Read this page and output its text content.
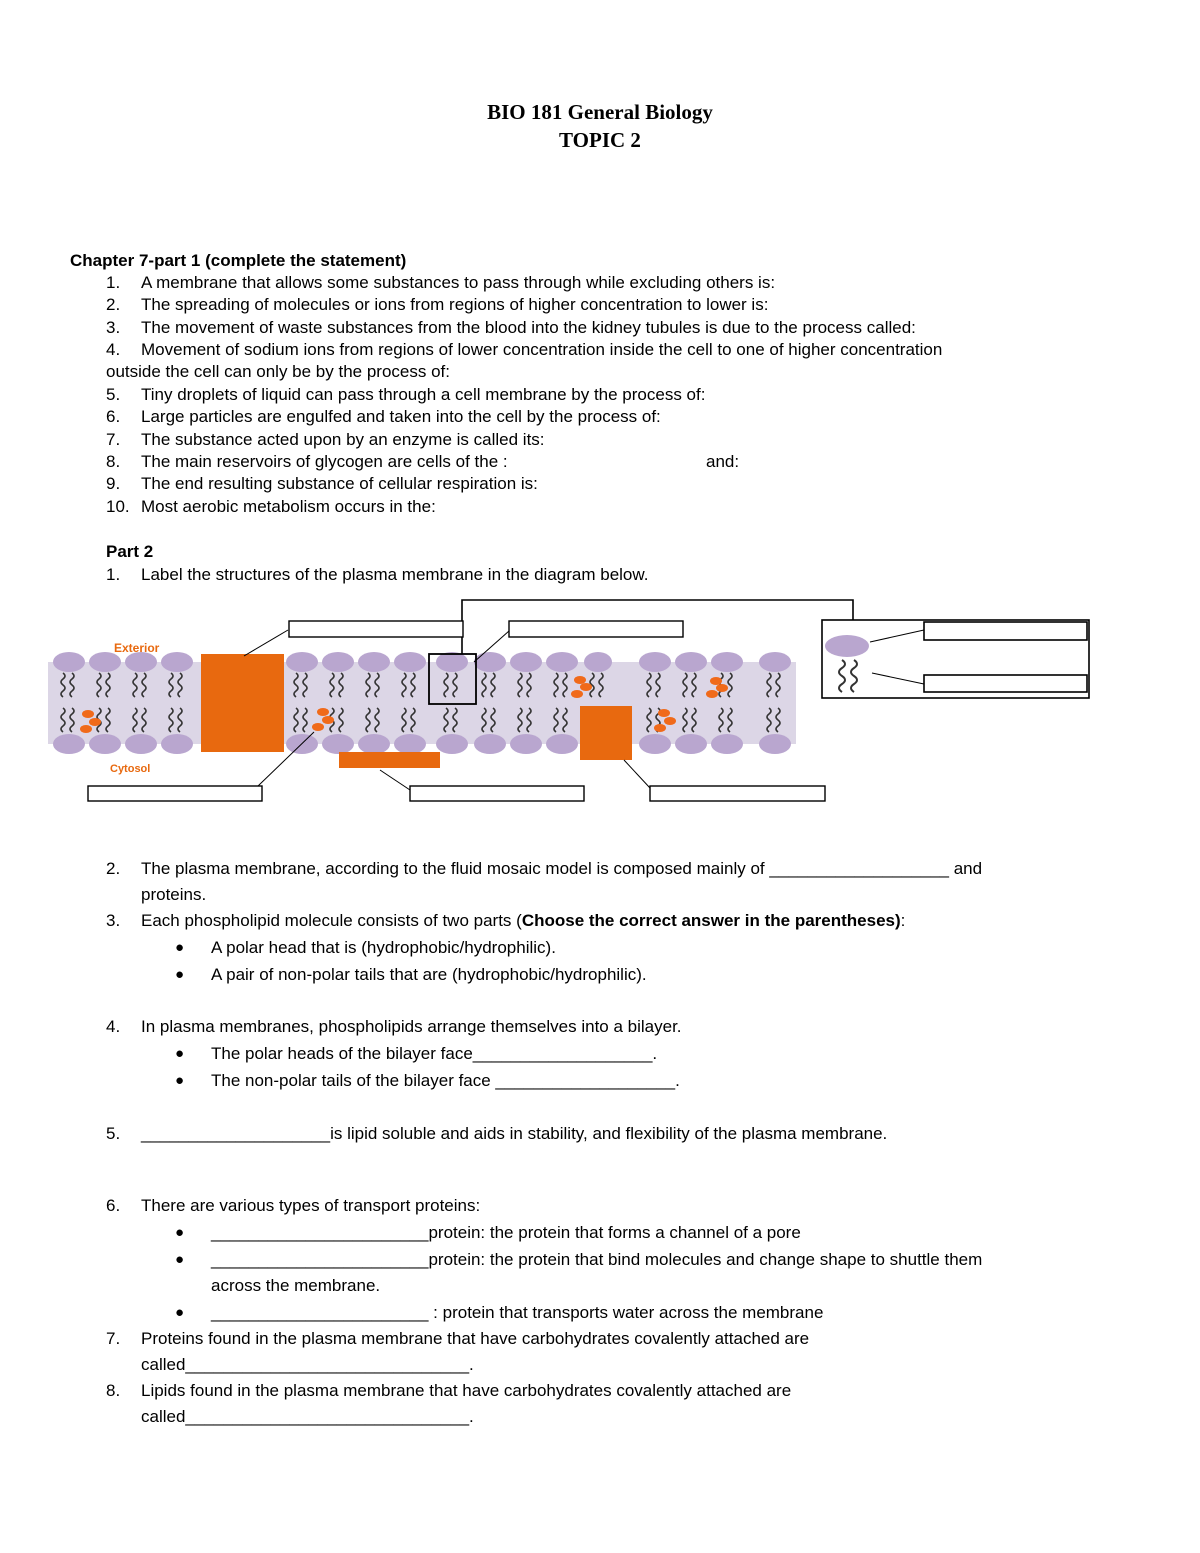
BIO 181 General Biology
TOPIC 2
Chapter 7-part 1 (complete the statement)
1. A membrane that allows some substances to pass through while excluding others is:
2. The spreading of molecules or ions from regions of higher concentration to lower is:
3. The movement of waste substances from the blood into the kidney tubules is due to the process called:
4. Movement of sodium ions from regions of lower concentration inside the cell to one of higher concentration
outside the cell can only be by the process of:
5. Tiny droplets of liquid can pass through a cell membrane by the process of:
6. Large particles are engulfed and taken into the cell by the process of:
7. The substance acted upon by an enzyme is called its:
8. The main reservoirs of glycogen are cells of the :	and:
9. The end resulting substance of cellular respiration is:
10. Most aerobic metabolism occurs in the:
Part 2
1. Label the structures of the plasma membrane in the diagram below.
Exterior
Cytosol
2. The plasma membrane, according to the fluid mosaic model is composed mainly of ___________________ and
proteins.
3. Each phospholipid molecule consists of two parts (Choose the correct answer in the parentheses):
● A polar head that is (hydrophobic/hydrophilic).
● A pair of non-polar tails that are (hydrophobic/hydrophilic).
4. In plasma membranes, phospholipids arrange themselves into a bilayer.
● The polar heads of the bilayer face___________________.
● The non-polar tails of the bilayer face ___________________.
5. ____________________is lipid soluble and aids in stability, and flexibility of the plasma membrane.
6. There are various types of transport proteins:
● _______________________protein: the protein that forms a channel of a pore
● _______________________protein: the protein that bind molecules and change shape to shuttle them
across the membrane.
● _______________________ : protein that transports water across the membrane
7. Proteins found in the plasma membrane that have carbohydrates covalently attached are
called______________________________.
8. Lipids found in the plasma membrane that have carbohydrates covalently attached are
called______________________________.
